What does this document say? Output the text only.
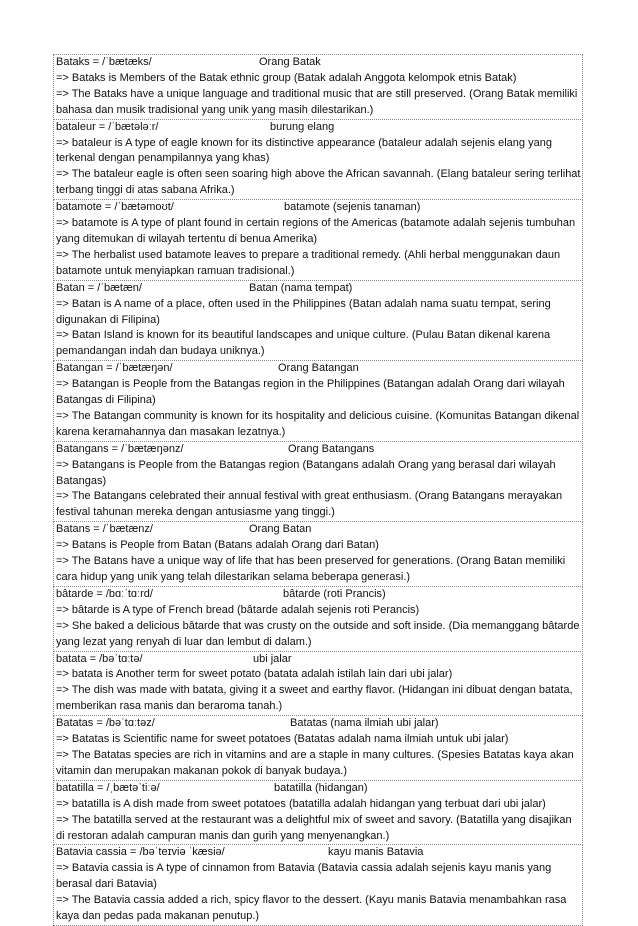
Bataks = /ˈbætæks/	Orang Batak
=> Bataks is Members of the Batak ethnic group (Batak adalah Anggota kelompok etnis Batak)
=> The Bataks have a unique language and traditional music that are still preserved. (Orang Batak memiliki bahasa dan musik tradisional yang unik yang masih dilestarikan.)
bataleur = /ˈbætələːr/	burung elang
=> bataleur is A type of eagle known for its distinctive appearance (bataleur adalah sejenis elang yang terkenal dengan penampilannya yang khas)
=> The bataleur eagle is often seen soaring high above the African savannah. (Elang bataleur sering terlihat terbang tinggi di atas sabana Afrika.)
batamote = /ˈbætəmoʊt/	batamote (sejenis tanaman)
=> batamote is A type of plant found in certain regions of the Americas (batamote adalah sejenis tumbuhan yang ditemukan di wilayah tertentu di benua Amerika)
=> The herbalist used batamote leaves to prepare a traditional remedy. (Ahli herbal menggunakan daun batamote untuk menyiapkan ramuan tradisional.)
Batan = /ˈbætæn/	Batan (nama tempat)
=> Batan is A name of a place, often used in the Philippines (Batan adalah nama suatu tempat, sering digunakan di Filipina)
=> Batan Island is known for its beautiful landscapes and unique culture. (Pulau Batan dikenal karena pemandangan indah dan budaya uniknya.)
Batangan = /ˈbætæŋən/	Orang Batangan
=> Batangan is People from the Batangas region in the Philippines (Batangan adalah Orang dari wilayah Batangas di Filipina)
=> The Batangan community is known for its hospitality and delicious cuisine. (Komunitas Batangan dikenal karena keramahannya dan masakan lezatnya.)
Batangans = /ˈbætæŋənz/	Orang Batangans
=> Batangans is People from the Batangas region (Batangans adalah Orang yang berasal dari wilayah Batangas)
=> The Batangans celebrated their annual festival with great enthusiasm. (Orang Batangans merayakan festival tahunan mereka dengan antusiasme yang tinggi.)
Batans = /ˈbætænz/	Orang Batan
=> Batans is People from Batan (Batans adalah Orang dari Batan)
=> The Batans have a unique way of life that has been preserved for generations. (Orang Batan memiliki cara hidup yang unik yang telah dilestarikan selama beberapa generasi.)
bâtarde = /bɑːˈtɑːrd/	bâtarde (roti Prancis)
=> bâtarde is A type of French bread (bâtarde adalah sejenis roti Perancis)
=> She baked a delicious bâtarde that was crusty on the outside and soft inside. (Dia memanggang bâtarde yang lezat yang renyah di luar dan lembut di dalam.)
batata = /bəˈtɑːtə/	ubi jalar
=> batata is Another term for sweet potato (batata adalah istilah lain dari ubi jalar)
=> The dish was made with batata, giving it a sweet and earthy flavor. (Hidangan ini dibuat dengan batata, memberikan rasa manis dan beraroma tanah.)
Batatas = /bəˈtɑːtəz/	Batatas (nama ilmiah ubi jalar)
=> Batatas is Scientific name for sweet potatoes (Batatas adalah nama ilmiah untuk ubi jalar)
=> The Batatas species are rich in vitamins and are a staple in many cultures. (Spesies Batatas kaya akan vitamin dan merupakan makanan pokok di banyak budaya.)
batatilla = /ˌbætəˈtiːə/	batatilla (hidangan)
=> batatilla is A dish made from sweet potatoes (batatilla adalah hidangan yang terbuat dari ubi jalar)
=> The batatilla served at the restaurant was a delightful mix of sweet and savory. (Batatilla yang disajikan di restoran adalah campuran manis dan gurih yang menyenangkan.)
Batavia cassia = /bəˈteɪviə ˈkæsiə/	kayu manis Batavia
=> Batavia cassia is A type of cinnamon from Batavia (Batavia cassia adalah sejenis kayu manis yang berasal dari Batavia)
=> The Batavia cassia added a rich, spicy flavor to the dessert. (Kayu manis Batavia menambahkan rasa kaya dan pedas pada makanan penutup.)
